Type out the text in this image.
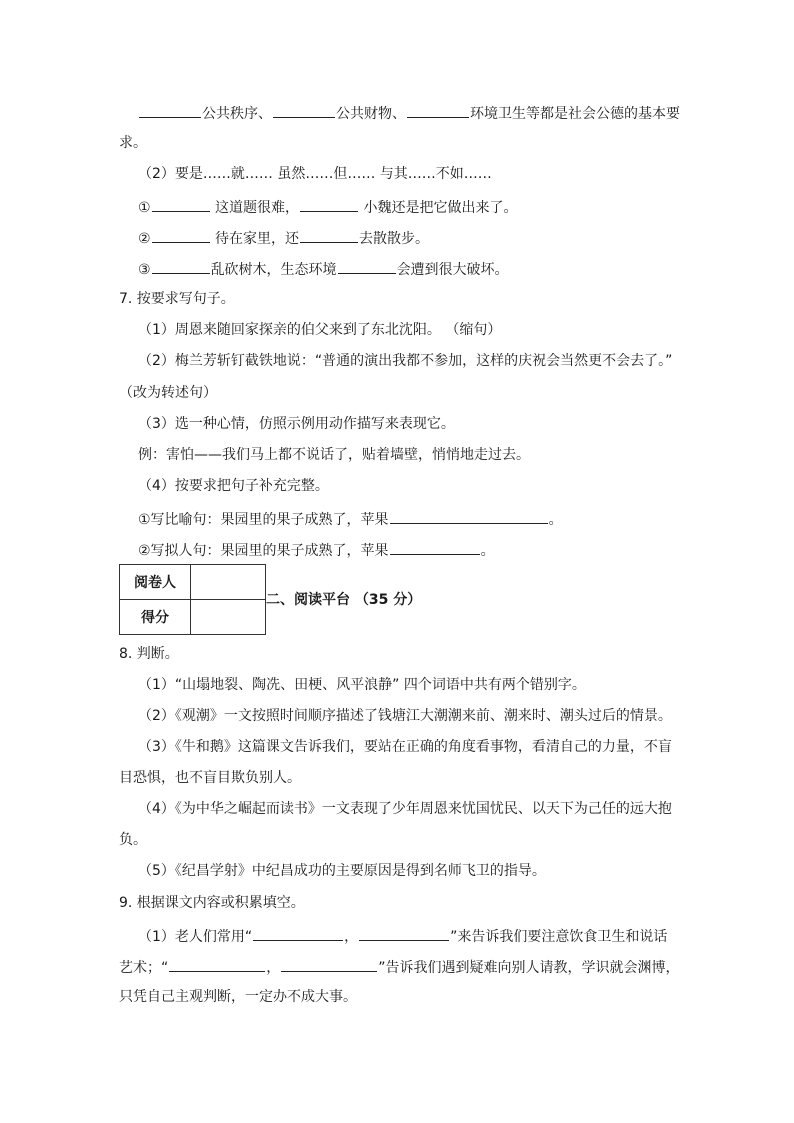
公共秩序、	公共财物、	环境卫生等都是社会公德的基本要
求。
（2）要是……就…… 虽然……但…… 与其……不如……
①	这道题很难，	小魏还是把它做出来了。
②	待在家里，还	去散散步。
③	乱砍树木，生态环境	会遭到很大破坏。
7. 按要求写句子。
（1）周恩来随回家探亲的伯父来到了东北沈阳。 （缩句）
（2）梅兰芳斩钉截铁地说：“普通的演出我都不参加，这样的庆祝会当然更不会去了。”
（改为转述句）
（3）选一种心情，仿照示例用动作描写来表现它。
例：害怕——我们马上都不说话了，贴着墙壁，悄悄地走过去。
（4）按要求把句子补充完整。
①写比喻句：果园里的果子成熟了，苹果	。
②写拟人句：果园里的果子成熟了，苹果	。
阅卷人	
得分	
二、阅读平台 （35 分）
8. 判断。
（1）“山塌地裂、陶冼、田梗、风平浪静” 四个词语中共有两个错别字。
（2）《观潮》一文按照时间顺序描述了钱塘江大潮潮来前、潮来时、潮头过后的情景。
（3）《牛和鹅》这篇课文告诉我们，要站在正确的角度看事物，看清自己的力量，不盲
目恐惧，也不盲目欺负别人。
（4）《为中华之崛起而读书》一文表现了少年周恩来忧国忧民、以天下为己任的远大抱
负。
（5）《纪昌学射》中纪昌成功的主要原因是得到名师飞卫的指导。
9. 根据课文内容或积累填空。
（1）老人们常用“	，	”来告诉我们要注意饮食卫生和说话
艺术；“	，	”告诉我们遇到疑难向别人请教，学识就会渊博，
只凭自己主观判断，一定办不成大事。
